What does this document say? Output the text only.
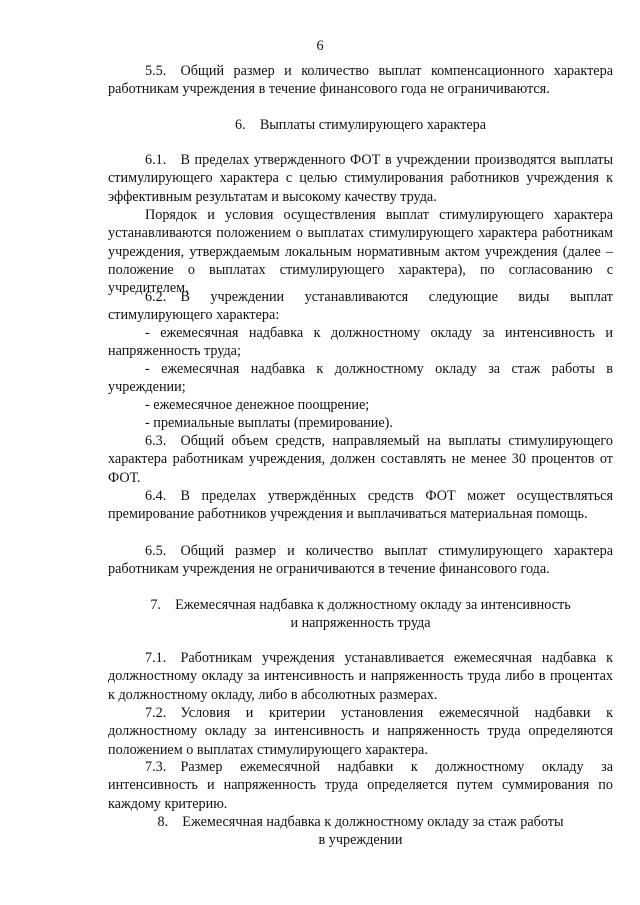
6
5.5. Общий размер и количество выплат компенсационного характера работникам учреждения в течение финансового года не ограничиваются.
6. Выплаты стимулирующего характера
6.1. В пределах утвержденного ФОТ в учреждении производятся выплаты стимулирующего характера с целью стимулирования работников учреждения к эффективным результатам и высокому качеству труда.
Порядок и условия осуществления выплат стимулирующего характера устанавливаются положением о выплатах стимулирующего характера работникам учреждения, утверждаемым локальным нормативным актом учреждения (далее – положение о выплатах стимулирующего характера), по согласованию с учредителем.
6.2. В учреждении устанавливаются следующие виды выплат стимулирующего характера:
- ежемесячная надбавка к должностному окладу за интенсивность и напряженность труда;
- ежемесячная надбавка к должностному окладу за стаж работы в учреждении;
- ежемесячное денежное поощрение;
- премиальные выплаты (премирование).
6.3. Общий объем средств, направляемый на выплаты стимулирующего характера работникам учреждения, должен составлять не менее 30 процентов от ФОТ.
6.4. В пределах утверждённых средств ФОТ может осуществляться премирование работников учреждения и выплачиваться материальная помощь.
6.5. Общий размер и количество выплат стимулирующего характера работникам учреждения не ограничиваются в течение финансового года.
7. Ежемесячная надбавка к должностному окладу за интенсивность
и напряженность труда
7.1. Работникам учреждения устанавливается ежемесячная надбавка к должностному окладу за интенсивность и напряженность труда либо в процентах к должностному окладу, либо в абсолютных размерах.
7.2. Условия и критерии установления ежемесячной надбавки к должностному окладу за интенсивность и напряженность труда определяются положением о выплатах стимулирующего характера.
7.3. Размер ежемесячной надбавки к должностному окладу за интенсивность и напряженность труда определяется путем суммирования по каждому критерию.
8. Ежемесячная надбавка к должностному окладу за стаж работы
в учреждении
